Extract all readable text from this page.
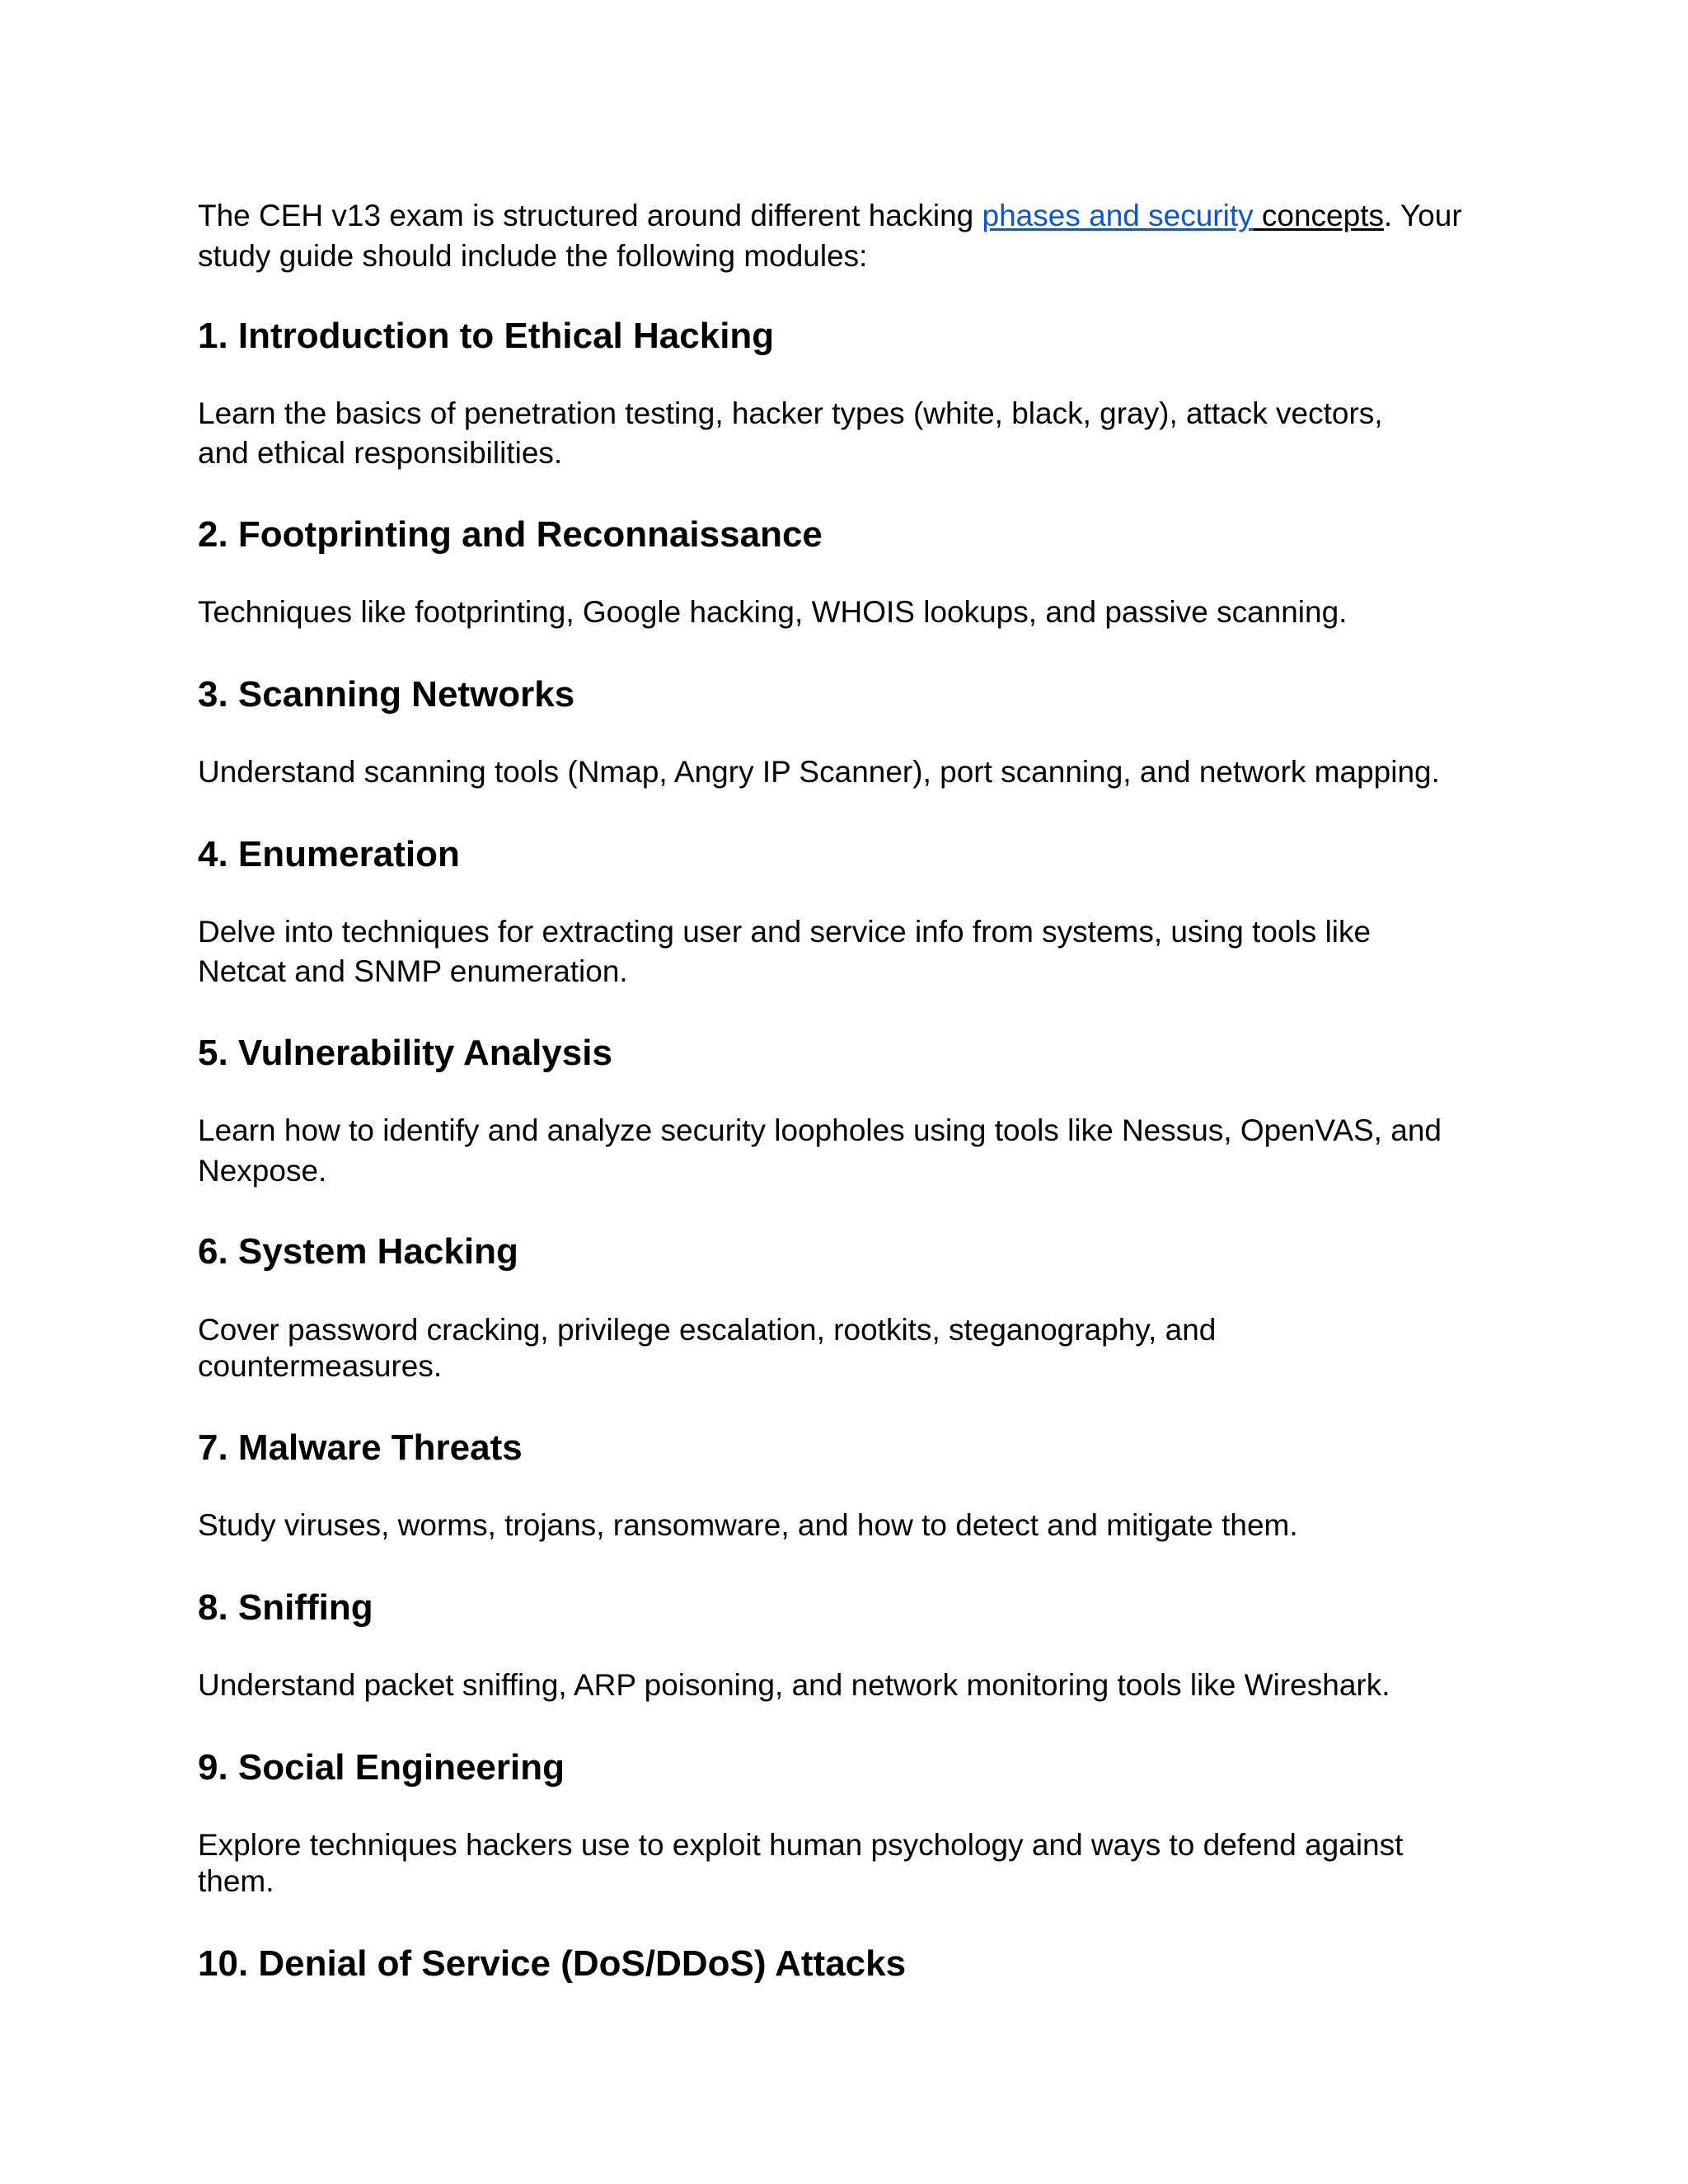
The CEH v13 exam is structured around different hacking phases and security concepts. Your
study guide should include the following modules:
1. Introduction to Ethical Hacking

Learn the basics of penetration testing, hacker types (white, black, gray), attack vectors,

and ethical responsibilities.

2. Footprinting and Reconnaissance

Techniques like footprinting, Google hacking, WHOIS lookups, and passive scanning.

3. Scanning Networks

Understand scanning tools (Nmap, Angry IP Scanner), port scanning, and network mapping.

4. Enumeration

Delve into techniques for extracting user and service info from systems, using tools like

Netcat and SNMP enumeration.

5. Vulnerability Analysis

Learn how to identify and analyze security loopholes using tools like Nessus, OpenVAS, and

Nexpose.

6. System Hacking

Cover password cracking, privilege escalation, rootkits, steganography, and

countermeasures.

7. Malware Threats

Study viruses, worms, trojans, ransomware, and how to detect and mitigate them.

8. Sniffing

Understand packet sniffing, ARP poisoning, and network monitoring tools like Wireshark.

9. Social Engineering

Explore techniques hackers use to exploit human psychology and ways to defend against

them.

10. Denial of Service (DoS/DDoS) Attacks
